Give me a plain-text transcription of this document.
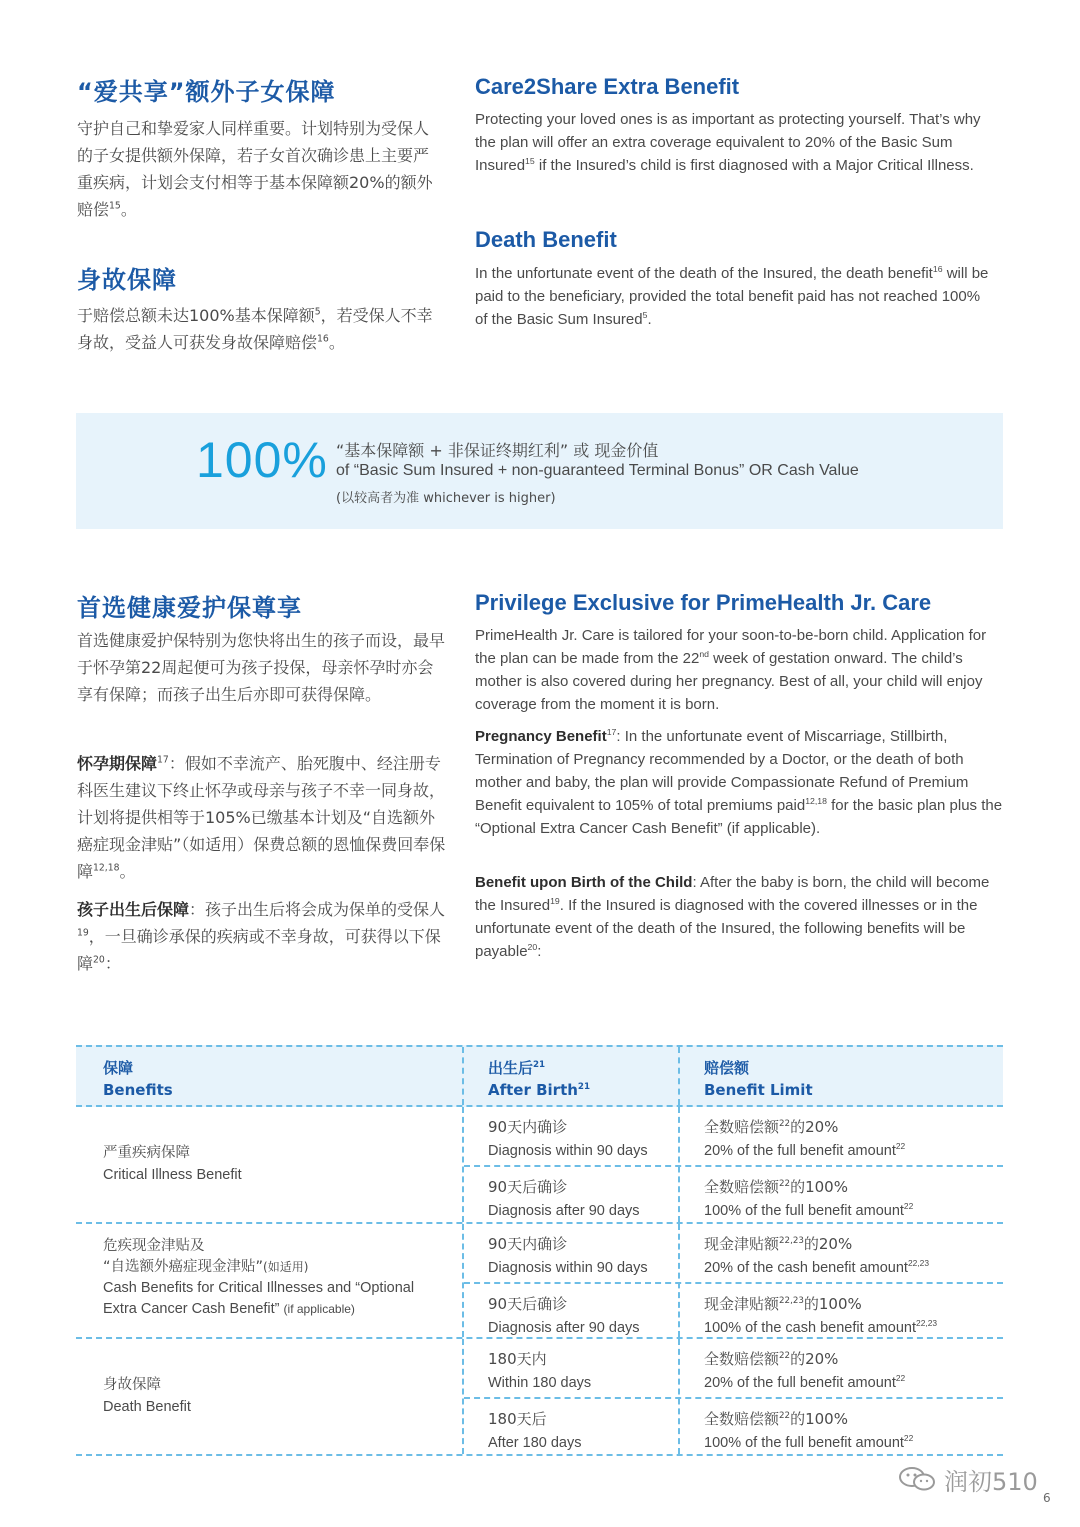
“爱共享”额外子女保障

守护自己和挚爱家人同样重要。计划特别为受保人的子女提供额外保障，若子女首次确诊患上主要严重疾病，计划会支付相等于基本保障额20%的额外赔偿$^{15}$。

Care2Share Extra Benefit

Protecting your loved ones is as important as protecting yourself. That’s why the plan will offer an extra coverage equivalent to 20% of the Basic Sum Insured$^{15}$ if the Insured’s child is first diagnosed with a Major Critical Illness.

身故保障

于赔偿总额未达100%基本保障额$^5$，若受保人不幸身故，受益人可获发身故保障赔偿$^{16}$。

Death Benefit

In the unfortunate event of the death of the Insured, the death benefit$^{16}$ will be paid to the beneficiary, provided the total benefit paid has not reached 100% of the Basic Sum Insured$^5$.

100% “基本保障额 + 非保证终期红利” 或 现金价值
of “Basic Sum Insured + non-guaranteed Terminal Bonus” OR Cash Value
(以较高者为准 whichever is higher)
首选健康爱护保尊享

首选健康爱护保特别为您快将出生的孩子而设，最早于怀孕第22周起便可为孩子投保，母亲怀孕时亦会享有保障；而孩子出生后亦即可获得保障。

怀孕期保障$^{17}$：假如不幸流产、胎死腹中、经注册专科医生建议下终止怀孕或母亲与孩子不幸一同身故，计划将提供相等于105%已缴基本计划及“自选额外癌症现金津贴”（如适用）保费总额的恩恤保费回奉保障$^{12,18}$。

孩子出生后保障：孩子出生后将会成为保单的受保人$^{19}$，一旦确诊承保的疾病或不幸身故，可获得以下保障$^{20}$：

Privilege Exclusive for PrimeHealth Jr. Care

PrimeHealth Jr. Care is tailored for your soon-to-be-born child. Application for the plan can be made from the 22nd week of gestation onward. The child’s mother is also covered during her pregnancy. Best of all, your child will enjoy coverage from the moment it is born.

Pregnancy Benefit$^{17}$: In the unfortunate event of Miscarriage, Stillbirth, Termination of Pregnancy recommended by a Doctor, or the death of both mother and baby, the plan will provide Compassionate Refund of Premium Benefit equivalent to 105% of total premiums paid$^{12,18}$ for the basic plan plus the “Optional Extra Cancer Cash Benefit” (if applicable).

Benefit upon Birth of the Child: After the baby is born, the child will become the Insured$^{19}$. If the Insured is diagnosed with the covered illnesses or in the unfortunate event of the death of the Insured, the following benefits will be payable$^{20}$:

保障
Benefits
出生后$^{21}$
After Birth$^{21}$
赔偿额
Benefit Limit
严重疾病保障
Critical Illness Benefit
90天内确诊
Diagnosis within 90 days
全数赔偿额$^{22}$的20%
20% of the full benefit amount$^{22}$
90天后确诊
Diagnosis after 90 days
全数赔偿额$^{22}$的100%
100% of the full benefit amount$^{22}$
危疾现金津贴及
“自选额外癌症现金津贴”(如适用)
Cash Benefits for Critical Illnesses and “Optional
Extra Cancer Cash Benefit” (if applicable)
90天内确诊
Diagnosis within 90 days
现金津贴额$^{22,23}$的20%
20% of the cash benefit amount$^{22,23}$
90天后确诊
Diagnosis after 90 days
现金津贴额$^{22,23}$的100%
100% of the cash benefit amount$^{22,23}$
身故保障
Death Benefit
180天内
Within 180 days
全数赔偿额$^{22}$的20%
20% of the full benefit amount$^{22}$
180天后
After 180 days
全数赔偿额$^{22}$的100%
100% of the full benefit amount$^{22}$
润初510
6
